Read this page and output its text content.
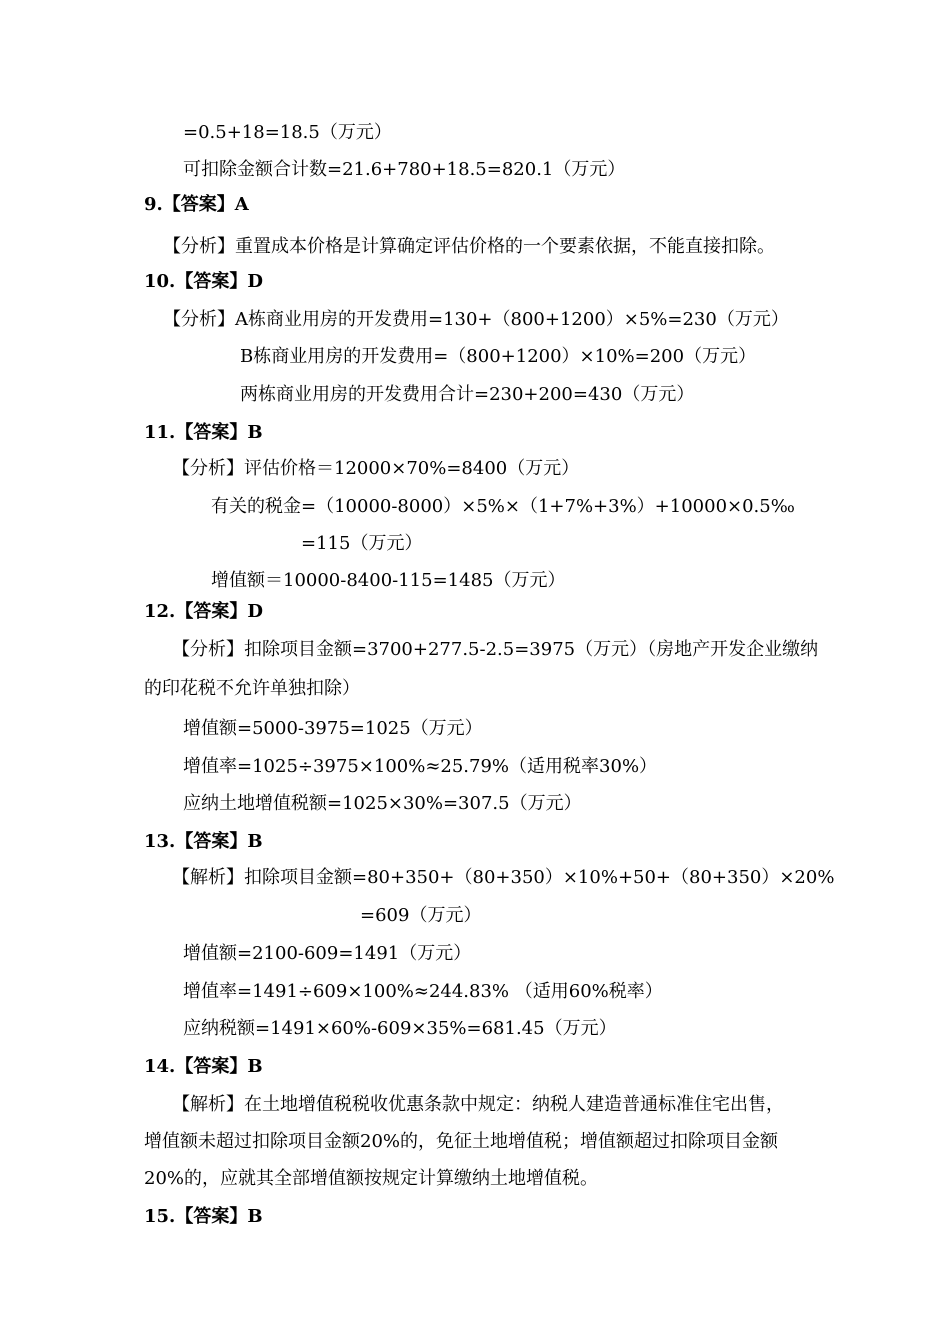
=0.5+18=18.5（万元）
可扣除金额合计数=21.6+780+18.5=820.1（万元）
9.【答案】A
【分析】重置成本价格是计算确定评估价格的一个要素依据，不能直接扣除。
10.【答案】D
【分析】A栋商业用房的开发费用=130+（800+1200）×5%=230（万元）
B栋商业用房的开发费用=（800+1200）×10%=200（万元）
两栋商业用房的开发费用合计=230+200=430（万元）
11.【答案】B
【分析】评估价格＝12000×70%=8400（万元）
有关的税金=（10000-8000）×5%×（1+7%+3%）+10000×0.5‰
=115（万元）
增值额＝10000-8400-115=1485（万元）
12.【答案】D
【分析】扣除项目金额=3700+277.5-2.5=3975（万元）（房地产开发企业缴纳
的印花税不允许单独扣除）
增值额=5000-3975=1025（万元）
增值率=1025÷3975×100%≈25.79%（适用税率30%）
应纳土地增值税额=1025×30%=307.5（万元）
13.【答案】B
【解析】扣除项目金额=80+350+（80+350）×10%+50+（80+350）×20%
=609（万元）
增值额=2100-609=1491（万元）
增值率=1491÷609×100%≈244.83% （适用60%税率）
应纳税额=1491×60%-609×35%=681.45（万元）
14.【答案】B
【解析】在土地增值税税收优惠条款中规定：纳税人建造普通标准住宅出售，
增值额未超过扣除项目金额20%的，免征土地增值税；增值额超过扣除项目金额
20%的，应就其全部增值额按规定计算缴纳土地增值税。
15.【答案】B
